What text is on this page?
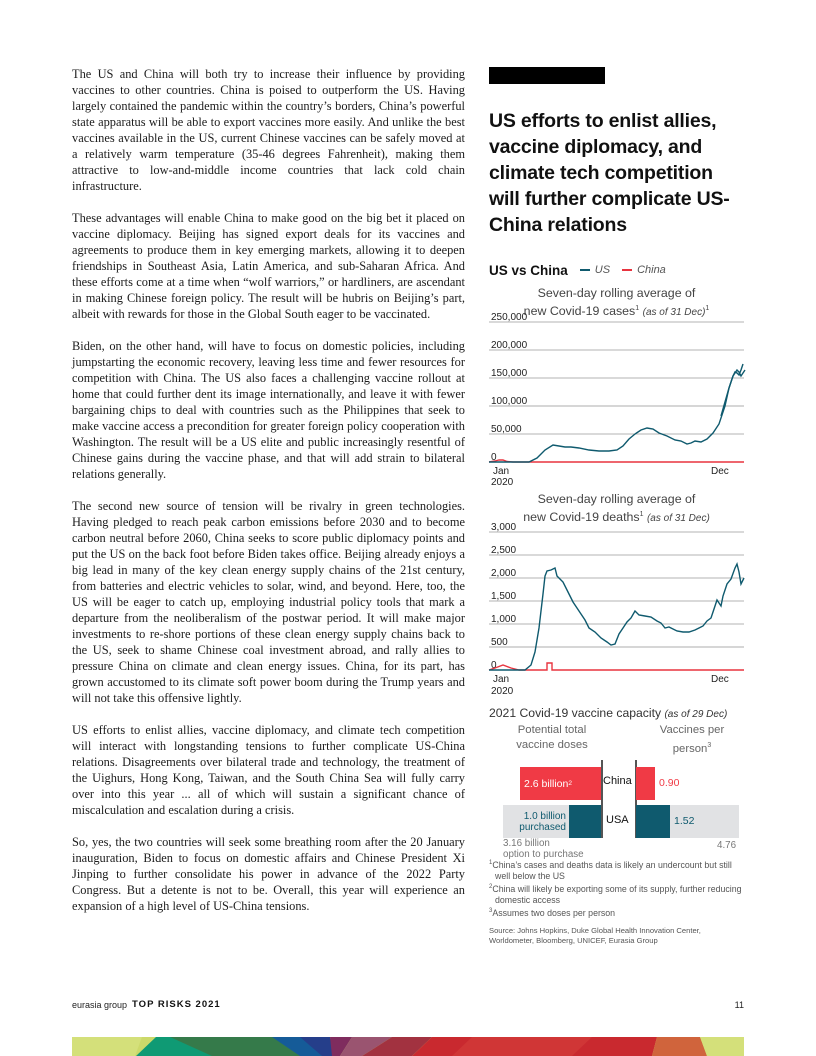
The US and China will both try to increase their influence by providing vaccines to other countries. China is poised to outperform the US. Having largely contained the pandemic within the country’s borders, China’s powerful state apparatus will be able to export vaccines more easily. And unlike the best vaccines available in the US, current Chinese vaccines can be safely moved at a relatively warm temperature (35-46 degrees Fahrenheit), making them attractive to low-and-middle income countries that lack cold chain infrastructure.

These advantages will enable China to make good on the big bet it placed on vaccine diplomacy. Beijing has signed export deals for its vaccines and agreements to produce them in key emerging markets, allowing it to deepen friendships in Southeast Asia, Latin America, and sub-Saharan Africa. And these efforts come at a time when “wolf warriors,” or hardliners, are ascendant in making Chinese foreign policy. The result will be hubris on Beijing’s part, albeit with rewards for those in the Global South eager to be vaccinated.

Biden, on the other hand, will have to focus on domestic policies, including jumpstarting the economic recovery, leaving less time and fewer resources for competition with China. The US also faces a challenging vaccine rollout at home that could further dent its image internationally, and leave it with fewer bargaining chips to deal with countries such as the Philippines that seek to make vaccine access a precondition for greater foreign policy cooperation with Washington. The result will be a US elite and public increasingly resentful of Chinese gains during the vaccine phase, and that will add strain to bilateral relations generally.

The second new source of tension will be rivalry in green technologies. Having pledged to reach peak carbon emissions before 2030 and to become carbon neutral before 2060, China seeks to score public diplomacy points and put the US on the back foot before Biden takes office. Beijing already enjoys a big lead in many of the key clean energy supply chains of the 21st century, from batteries and electric vehicles to solar, wind, and beyond. Here, too, the US will be eager to catch up, employing industrial policy tools that mark a departure from the neoliberalism of the postwar period. It will make major investments to re-shore portions of these clean energy supply chains back to the US, seek to shame Chinese coal investment abroad, and rally allies to pressure China on climate and clean energy issues. China, for its part, has grown accustomed to its climate soft power boom during the Trump years and will not take this offensive lightly.

US efforts to enlist allies, vaccine diplomacy, and climate tech competition will interact with longstanding tensions to further complicate US-China relations. Disagreements over bilateral trade and technology, the treatment of the Uighurs, Hong Kong, Taiwan, and the South China Sea will fully carry over into this year ... all of which will sustain a significant chance of miscalculation and escalation during a crisis.

So, yes, the two countries will seek some breathing room after the 20 January inauguration, Biden to focus on domestic affairs and Chinese President Xi Jinping to further consolidate his power in advance of the 2022 Party Congress. But a detente is not to be. Overall, this year will experience an expansion of a high level of US-China tensions.

US efforts to enlist allies, vaccine diplomacy, and climate tech competition will further complicate US-China relations
US vs China US China
Seven-day rolling average of
new Covid-19 cases$^1$ (as of 31 Dec)$^1$
250,000
200,000
150,000
100,000
50,000
0
Jan
2020
Dec
Seven-day rolling average of
new Covid-19 deaths$^1$ (as of 31 Dec)
3,000
2,500
2,000
1,500
1,000
500
0
Jan
2020
Dec
2021 Covid-19 vaccine capacity (as of 29 Dec)
Potential total
vaccine doses
Vaccines per
person$^3$
2.6 billion 2	China
1.0 billion
purchased
USA
3.16 billion
option to purchase
0.90
1.52
4.76
$^1$China’s cases and deaths data is likely an undercount but still well below the US
$^2$China will likely be exporting some of its supply, further reducing domestic access
$^3$Assumes two doses per person
Source: Johns Hopkins, Duke Global Health Innovation Center, Worldometer, Bloomberg, UNICEF, Eurasia Group
eurasia group TOP RISKS 2021	11
